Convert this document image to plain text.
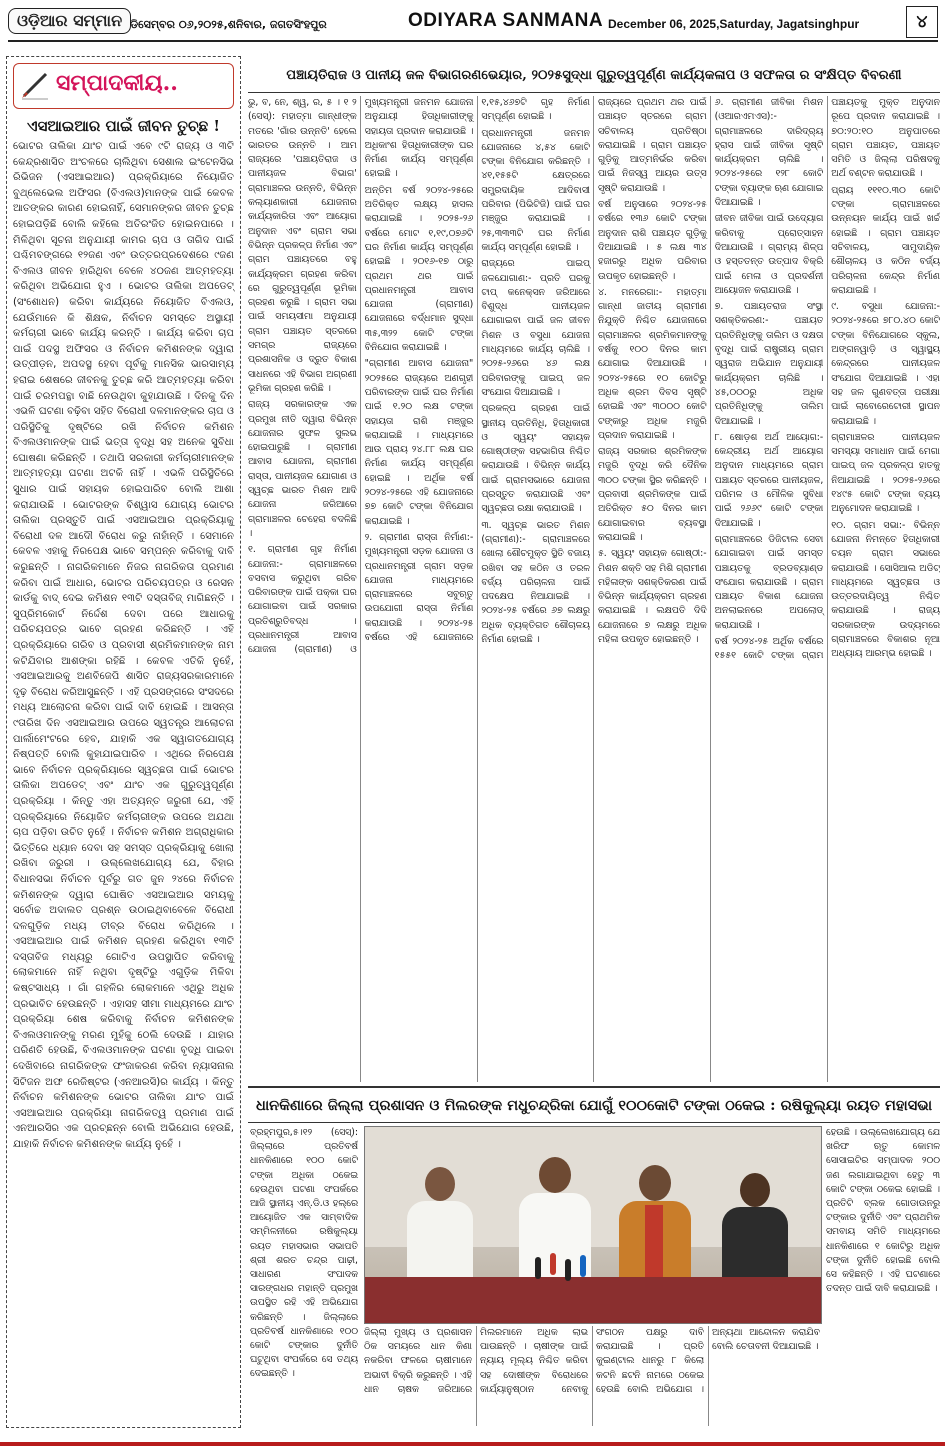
ଓଡ଼ିଆର ସମ୍ମାନ ଡିସେମ୍ବର ୦୬,୨୦୨୫,ଶନିବାର, ଜଗତସିଂହପୁର	ODIYARA SANMANA December 06, 2025,Saturday, Jagatsinghpur	୪
ସମ୍ପାଦକୀୟ..
ଏସଆଇଆର ପାଇଁ ଜୀବନ ତୁଚ୍ଛ !
ଭୋଟର ତାଲିକା ଯାଂଚ ପାଇଁ ଏବେ ୯ଟି ରାଜ୍ୟ ଓ ୩ଟି କେନ୍ଦ୍ରଶାସିତ ଅଂଚଳରେ ଚାଲିଥିବା ସେଶାଲ ଇଂଟେନସିଭ ରିଭିଜନ (ଏସଆଇଆର) ପ୍ରକ୍ରିୟାରେ ନିୟୋଜିତ ବୁଥ୍‌ଲେଭେଲ ଅଫିସର (ବିଏଲଓ)ମାନଙ୍କ ପାଇଁ କେବଳ ଆତଙ୍କର କାରଣ ହୋଇନାହିଁ, ସେମାନଙ୍କର ଜୀବନ ତୁଚ୍ଛ ହୋଇପଡ଼ିଛି ବୋଲି କହିଲେ ଅତିରଂଜିତ ହୋଇନପାରେ । ମିଳିଥିବା ସୂଚନା ଅନୁଯାୟୀ କାମର ଚାପ ଓ ତାଗିଦ ପାଇଁ ପଶ୍ଚିମବଙ୍ଗରେ ୧୨ଜଣ ଏବଂ ଉତ୍ତରପ୍ରଦେଶରେ ୯ଜଣ ବିଏଲଓ ଜୀବନ ହାରିଥିବା ବେଳେ ୪୦ଜଣ ଆତ୍ମହତ୍ୟା କରିଥିବା ଅଭିଯୋଗ ହୁଏ । ଭୋଟର ତାଲିକା ଅପଡେଟ୍ (ସଂଶୋଧନ) କରିବା କାର୍ଯ୍ୟରେ ନିୟୋଜିତ ବିଏଲଓ, ଯେଉଁମାନେ କି ଶିକ୍ଷକ, ନିର୍ବାଚନ ସମସ୍ତେ ଅସ୍ଥାୟୀ କର୍ମଚାରୀ ଭାବେ କାର୍ଯ୍ୟ କରନ୍ତି । କାର୍ଯ୍ୟ କରିବା ଚାପ ପାଇଁ ପଦସ୍ଥ ଅଫିସର ଓ ନିର୍ବାଚନ କମିଶନଙ୍କ ଦ୍ୱାରା ଉତ୍ପୀଡ଼ନ, ଅପଦସ୍ଥ ହେବା ପୂର୍ବକୁ ମାନସିକ ଭାରସାମ୍ୟ ହରାଇ ଶେଷରେ ଜୀବନକୁ ତୁଚ୍ଛ କରି ଆତ୍ମହତ୍ୟା କରିବା ପାଇଁ ଚରମପନ୍ଥା ବାଛି ନେଉଥିବା କୁହାଯାଉଛି । ଦିନକୁ ଦିନ ଏଭଳି ଘଟଣା ବଢ଼ିବା ସହିତ ବିରୋଧୀ ଦଳମାନଙ୍କର ଚାପ ଓ ପରିସ୍ଥିତିକୁ ଦୃଷ୍ଟିରେ ରଖି ନିର୍ବାଚନ କମିଶନ ବିଏଲଓମାନଙ୍କ ପାଇଁ ଭତ୍ତା ବୃଦ୍ଧି ସହ ଅନେକ ସୁବିଧା ଘୋଷଣା କରିଛନ୍ତି । ତଥାପି ସରକାରୀ କର୍ମଚାରୀମାନଙ୍କ ଆତ୍ମହତ୍ୟା ଘଟଣା ଅଟକି ନାହିଁ । ଏଭଳି ପରିସ୍ଥିତିରେ ସୁଧାର ପାଇଁ ସହାୟକ ହୋଇପାରିବ ବୋଲି ଆଶା କରାଯାଉଛି । ଭୋଟରଙ୍କ ବିଶ୍ୱାସ ଯୋଗ୍ୟ ଭୋଟର ତାଲିକା ପ୍ରସ୍ତୁତି ପାଇଁ ଏସଆଇଆର ପ୍ରକ୍ରିୟାକୁ ବିରୋଧୀ ଦଳ ଆଦୌ ବିରୋଧ କରୁ ନାହାଁନ୍ତି । ସେମାନେ କେବଳ ଏହାକୁ ନିରପେକ୍ଷ ଭାବେ ସମ୍ପନ୍ନ କରିବାକୁ ଦାବି କରୁଛନ୍ତି । ନାଗରିକମାନେ ନିଜର ନାଗରିକତା ପ୍ରମାଣ କରିବା ପାଇଁ ଆଧାର, ଭୋଟର ପରିଚୟପତ୍ର ଓ ରେସନ କାର୍ଡକୁ ବାଦ୍ ଦେଇ କମିଶନ ୧୩ଟି ଦସ୍ତାବିଜ୍ ମାଗିଛନ୍ତି । ସୁପ୍ରିମକୋର୍ଟ ନିର୍ଦ୍ଦେଶ ଦେବା ପରେ ଆଧାରକୁ ପରିଚୟପତ୍ର ଭାବେ ଗ୍ରହଣ କରିଛନ୍ତି । ଏହି ପ୍ରକ୍ରିୟାରେ ଗରିବ ଓ ପ୍ରବାସୀ ଶ୍ରମିକମାନଙ୍କ ନାମ କଟିଯିବାର ଆଶଙ୍କା ରହିଛି । କେବଳ ଏତିକି ନୁହେଁ, ଏସଆଇଆରକୁ ଅଣବିଜେପି ଶାସିତ ରାଜ୍ୟସରକାରମାନେ ଦୃଢ଼ ବିରୋଧ କରିଆସୁଛନ୍ତି । ଏହି ପ୍ରସଙ୍ଗରେ ସଂସଦରେ ମଧ୍ୟ ଆଲୋଚନା କରିବା ପାଇଁ ଦାବି ହୋଇଛି । ଆସନ୍ତା ୯ତାରିଖ ଦିନ ଏସଆଇଆର ଉପରେ ସ୍ୱତନ୍ତ୍ର ଆଲୋଚନା ପାର୍ଲାମେଂଟରେ ହେବ, ଯାହାକି ଏକ ସ୍ୱାଗତଯୋଗ୍ୟ ନିଷ୍ପତ୍ତି ବୋଲି କୁହାଯାଇପାରିବ । ଏଥିରେ ନିରପେକ୍ଷ ଭାବେ ନିର୍ବାଚନ ପ୍ରକ୍ରିୟାରେ ସ୍ୱଚ୍ଛତା ପାଇଁ ଭୋଟର ତାଲିକା ଅପଡେଟ୍ ଏବଂ ଯାଂଚ ଏକ ଗୁରୁତ୍ୱପୂର୍ଣ୍ଣ ପ୍ରକ୍ରିୟା । କିନ୍ତୁ ଏହା ଅତ୍ୟନ୍ତ ଜରୁରୀ ଯେ, ଏହି ପ୍ରକ୍ରିୟାରେ ନିୟୋଜିତ କର୍ମଚାରୀଙ୍କ ଉପରେ ଅଯଥା ଚାପ ପଡ଼ିବା ଉଚିତ ନୁହେଁ । ନିର୍ବାଚନ କମିଶନ ଅଗ୍ରାଧିକାର ଭିତ୍ତିରେ ଧ୍ୟାନ ଦେବା ସହ ସମସ୍ତ ପ୍ରକ୍ରିୟାକୁ ଖୋଲା ରଖିବା ଜରୁରୀ । ଉଲ୍ଲେଖଯୋଗ୍ୟ ଯେ, ବିହାର ବିଧାନସଭା ନିର୍ବାଚନ ପୂର୍ବରୁ ଗତ ଜୁନ ୨୪ରେ ନିର୍ବାଚନ କମିଶନଙ୍କ ଦ୍ୱାରା ଘୋଷିତ ଏସଆଇଆର ସମୟକୁ ସର୍ବୋଚ୍ଚ ଅଦାଲତ ପ୍ରଶ୍ନ ଉଠାଇଥିବାବେଳେ ବିରୋଧୀ ଦଳଗୁଡ଼ିକ ମଧ୍ୟ ତୀବ୍ର ବିରୋଧ କରିଥିଲେ । ଏସଆଇଆର ପାଇଁ କମିଶନ ଗ୍ରହଣ କରିଥିବା ୧୩ଟି ଦସ୍ତାବିଜ ମଧ୍ୟରୁ ଗୋଟିଏ ଉପସ୍ଥାପିତ କରିବାକୁ ଲୋକମାନେ ନାହିଁ ନଥିବା ଦୃଷ୍ଟିରୁ ଏଗୁଡ଼ିକ ମିଳିବା କଷ୍ଟସାଧ୍ୟ । ଗାଁ ଗହଳିର ଲୋକମାନେ ଏଥିରୁ ଅଧିକ ପ୍ରଭାବିତ ହେଉଛନ୍ତି । ଏହାସହ ସୀମା ମାଧ୍ୟମରେ ଯାଂଚ ପ୍ରକ୍ରିୟା ଶେଷ କରିବାକୁ ନିର୍ବାଚନ କମିଶନଙ୍କ ବିଏଲଓମାନଙ୍କୁ ମରଣ ମୁହଁକୁ ଠେଲି ଦେଉଛି । ଯାହାର ପରିଣତି ହେଉଛି, ବିଏଲଓମାନଙ୍କ ଘଟଣା ବୃଦ୍ଧି ପାଇବା ଦେଖିବାରେ ନାଗରିକଙ୍କ ଫଂଜାକରଣ କରିବା ନ୍ୟାସନାଲ ସିଟିଜନ ଅଫ ରେଜିଷ୍ଟର (ଏନଆରସି)ର କାର୍ଯ୍ୟ । କିନ୍ତୁ ନିର୍ବାଚନ କମିଶନଙ୍କ ଭୋଟର ତାଲିକା ଯାଂଚ ପାଇଁ ଏସଆଇଆର ପ୍ରକ୍ରିୟା ନାଗରିକତ୍ୱ ପ୍ରମାଣ ପାଇଁ ଏନଆରସିର ଏକ ପ୍ରଚ୍ଛନ୍ନ ବୋଲି ଅଭିଯୋଗ ହେଉଛି, ଯାହାକି ନିର୍ବାଚନ କମିଶନଙ୍କ କାର୍ଯ୍ୟ ନୁହେଁ ।
ପଞ୍ଚାୟତିରାଜ ଓ ପାନୀୟ ଜଳ ବିଭାଗରଣଭେୟାର, ୨୦୨୫ସୁଦ୍ଧା ଗୁରୁତ୍ୱପୂର୍ଣ୍ଣ କାର୍ଯ୍ୟକଳାପ ଓ ସଫଳତା ର ସଂକ୍ଷିପ୍ତ ବିବରଣୀ

ଭୁ, ବ, ନେ, ଶ୍ୱ, ର, ୫ । ୧ ୨ (ସେସ୍): ମହାତ୍ମା ଗାନ୍ଧୀଙ୍କ ମତରେ 'ଗାଁର ଉନ୍ନତି' ହେଲେ ଭାରତର ଉନ୍ନତି । ଆମ ରାଜ୍ୟରେ 'ପଞ୍ଚାୟତିରାଜ ଓ ପାନୀୟଜଳ ବିଭାଗ' ଗ୍ରାମାଞ୍ଚଳର ଉନ୍ନତି, ବିଭିନ୍ନ କଲ୍ୟାଣକାରୀ ଯୋଜନାର କାର୍ଯ୍ୟକାରିତା ଏବଂ ଆୟୋଗ ଅନୁଦାନ ଏବଂ ଗ୍ରାମ ସଭା ବିଭିନ୍ନ ପ୍ରକଳ୍ପ ନିର୍ମାଣ ଏବଂ ଗ୍ରାମ ପଞ୍ଚାୟତରେ ବହୁ କାର୍ଯ୍ୟକ୍ରମ ଗ୍ରହଣ କରିବା ରେ ଗୁରୁତ୍ୱପୂର୍ଣ୍ଣ ଭୂମିକା ଗ୍ରହଣ କରୁଛି । ଗ୍ରାମ ସଭା ପାଇଁ ସମୟସୀମା ଅନୁଯାୟୀ ଗ୍ରାମ ପଞ୍ଚାୟତ ସ୍ତରରେ ସମଗ୍ର ରାଜ୍ୟରେ ପ୍ରଶାସନିକ ଓ ଦ୍ରୁତ ବିକାଶ ସାଧନରେ ଏହି ବିଭାଗ ଅଗ୍ରଣୀ ଭୂମିକା ଗ୍ରହଣ କରିଛି ।

ରାଜ୍ୟ ସରକାରଙ୍କ ଏକ ପ୍ରମୁଖ ନୀତି ଦ୍ୱାରା ବିଭିନ୍ନ ଯୋଜନାର ସୁଫଳ ସୁଲଭ ହୋଇପାରୁଛି । ଗ୍ରାମୀଣ ଆବାସ ଯୋଜନା, ଗ୍ରାମୀଣ ରାସ୍ତା, ପାନୀୟଜଳ ଯୋଗାଣ ଓ ସ୍ୱଚ୍ଛ ଭାରତ ମିଶନ ଆଦି ଯୋଜନା ଜରିଆରେ ଗ୍ରାମାଞ୍ଚଳର ଚେହେରା ବଦଳିଛି ।

୧. ଗ୍ରାମୀଣ ଗୃହ ନିର୍ମାଣ ଯୋଜନା:- ଗ୍ରାମାଞ୍ଚଳରେ ବସବାସ କରୁଥିବା ଗରିବ ପରିବାରଙ୍କ ପାଇଁ ପକ୍କା ଘର ଯୋଗାଇବା ପାଇଁ ସରକାର ପ୍ରତିଶ୍ରୁତିବଦ୍ଧ । ପ୍ରଧାନମନ୍ତ୍ରୀ ଆବାସ ଯୋଜନା (ଗ୍ରାମୀଣ) ଓ ମୁଖ୍ୟମନ୍ତ୍ରୀ ଜନମନ ଯୋଜନା ଅନୁଯାୟୀ ହିତାଧିକାରୀଙ୍କୁ ସହାୟତା ପ୍ରଦାନ କରାଯାଉଛି । ଅଧିକାଂଶ ହିତାଧିକାରୀଙ୍କ ଘର ନିର୍ମାଣ କାର୍ଯ୍ୟ ସମ୍ପୂର୍ଣ୍ଣ ହୋଇଛି ।

ଅନ୍ତିମ ବର୍ଷ ୨୦୨୪-୨୫ରେ ଅତିରିକ୍ତ ଲକ୍ଷ୍ୟ ହାସଲ କରାଯାଇଛି । ୨୦୨୫-୨୬ ବର୍ଷରେ ମୋଟ ୧,୧୯,୦୭୬ଟି ଘର ନିର୍ମାଣ କାର୍ଯ୍ୟ ସମ୍ପୂର୍ଣ୍ଣ ହୋଇଛି । ୨୦୧୬-୧୭ ଠାରୁ ପ୍ରଥମ ଥର ପାଇଁ ପ୍ରଧାନମନ୍ତ୍ରୀ ଆବାସ ଯୋଜନା (ଗ୍ରାମୀଣ) ଯୋଜନାରେ ବର୍ଦ୍ଧମାନ ସୁଦ୍ଧା ୩୫,୩୨୨ କୋଟି ଟଙ୍କା ବିନିଯୋଗ କରାଯାଇଛି ।

"ଗ୍ରାମୀଣ ଆବାସ ଯୋଜନା" ୨୦୨୫ରେ ରାଜ୍ୟରେ ଅଣଗୃହୀ ପରିବାରଙ୍କ ପାଇଁ ଘର ନିର୍ମାଣ ପାଇଁ ୧.୨୦ ଲକ୍ଷ ଟଙ୍କା ସହାୟତା ରାଶି ମଞ୍ଜୁର କରାଯାଇଛି । ମାଧ୍ୟମରେ ଆଉ ପ୍ରାୟ ୨୪.୮୮ ଲକ୍ଷ ଘର ନିର୍ମାଣ କାର୍ଯ୍ୟ ସମ୍ପୂର୍ଣ୍ଣ ହୋଇଛି । ଅର୍ଥିକ ବର୍ଷ ୨୦୨୪-୨୫ରେ ଏହି ଯୋଜନାରେ ୭୭ କୋଟି ଟଙ୍କା ବିନିଯୋଗ କରାଯାଇଛି ।

୨. ଗ୍ରାମୀଣ ରାସ୍ତା ନିର୍ମାଣ:- ମୁଖ୍ୟମନ୍ତ୍ରୀ ସଡ଼କ ଯୋଜନା ଓ ପ୍ରଧାନମନ୍ତ୍ରୀ ଗ୍ରାମ ସଡ଼କ ଯୋଜନା ମାଧ୍ୟମରେ ଗ୍ରାମାଞ୍ଚଳରେ ସବୁଋତୁ ଉପଯୋଗୀ ରାସ୍ତା ନିର୍ମାଣ କରାଯାଉଛି । ୨୦୨୪-୨୫ ବର୍ଷରେ ଏହି ଯୋଜନାରେ ୧,୧୫,୪୬୭ଟି ଗୃହ ନିର୍ମାଣ ସମ୍ପୂର୍ଣ୍ଣ ହୋଇଛି ।

ପ୍ରଧାନମନ୍ତ୍ରୀ ଜନମନ ଯୋଜନାରେ ୪,୫୪ କୋଟି ଟଙ୍କା ବିନିଯୋଗ କରିଛନ୍ତି । ୪୧,୧୫୫ଟି କ୍ଷେତ୍ରରେ ସମ୍ପ୍ରଦାୟିକ ଆଦିବାସୀ ପରିବାର (ପିଭିଟିଜି) ପାଇଁ ଘର ମଞ୍ଜୁର କରାଯାଇଛି । ୨୫,୩୩୩ଟି ଘର ନିର୍ମାଣ କାର୍ଯ୍ୟ ସମ୍ପୂର୍ଣ୍ଣ ହୋଇଛି ।

ରାଜ୍ୟରେ ପାଇପ୍ ଜଳଯୋଗାଣ:- ପ୍ରତି ଘରକୁ ଟାପ୍ କନେକ୍ସନ ଜରିଆରେ ବିଶୁଦ୍ଧ ପାନୀୟଜଳ ଯୋଗାଇବା ପାଇଁ ଜଳ ଜୀବନ ମିଶନ ଓ ବସୁଧା ଯୋଜନା ମାଧ୍ୟମରେ କାର୍ଯ୍ୟ ଚାଲିଛି । ୨୦୨୫-୨୬ରେ ୪୬ ଲକ୍ଷ ପରିବାରଙ୍କୁ ପାଇପ୍ ଜଳ ସଂଯୋଗ ଦିଆଯାଇଛି ।

ପ୍ରକଳ୍ପ ଗ୍ରହଣ ପାଇଁ ସ୍ଥାନୀୟ ପ୍ରତିନିଧି, ହିତାଧିକାରୀ ଓ ସ୍ୱୟଂ ସହାୟକ ଗୋଷ୍ଠୀଙ୍କ ସହଭାଗିତା ନିଶ୍ଚିତ କରାଯାଉଛି । ବିଭିନ୍ନ କାର୍ଯ୍ୟ ପାଇଁ ଗ୍ରାମସଭାରେ ଯୋଜନା ପ୍ରସ୍ତୁତ କରାଯାଉଛି ଏବଂ ସ୍ୱଚ୍ଛତା ରକ୍ଷା କରାଯାଉଛି ।

୩. ସ୍ୱଚ୍ଛ ଭାରତ ମିଶନ (ଗ୍ରାମୀଣ):- ଗ୍ରାମାଞ୍ଚଳରେ ଖୋଲା ଶୌଚମୁକ୍ତ ସ୍ଥିତି ବଜାୟ ରଖିବା ସହ କଠିନ ଓ ତରଳ ବର୍ଜ୍ୟ ପରିଚାଳନା ପାଇଁ ପଦକ୍ଷେପ ନିଆଯାଇଛି । ୨୦୨୪-୨୫ ବର୍ଷରେ ୬୭ ଲକ୍ଷରୁ ଅଧିକ ବ୍ୟକ୍ତିଗତ ଶୌଚାଳୟ ନିର୍ମାଣ ହୋଇଛି ।

ରାଜ୍ୟରେ ପ୍ରଥମ ଥର ପାଇଁ ପଞ୍ଚାୟତ ସ୍ତରରେ ଗ୍ରାମ ସଚିବାଳୟ ପ୍ରତିଷ୍ଠା କରାଯାଇଛି । ଗ୍ରାମ ପଞ୍ଚାୟତ ଗୁଡ଼ିକୁ ଆତ୍ମନିର୍ଭର କରିବା ପାଇଁ ନିଜସ୍ୱ ଆୟର ଉତ୍ସ ସୃଷ୍ଟି କରାଯାଉଛି ।

ବର୍ଷ ଅନୁସାରେ ୨୦୨୪-୨୫ ବର୍ଷରେ ୧୩୬ କୋଟି ଟଙ୍କା ଅନୁଦାନ ରାଶି ପଞ୍ଚାୟତ ଗୁଡ଼ିକୁ ଦିଆଯାଇଛି । ୫ ଲକ୍ଷ ୩୪ ହଜାରରୁ ଅଧିକ ପରିବାର ଉପକୃତ ହୋଇଛନ୍ତି ।

୪. ମନରେଗା:- ମହାତ୍ମା ଗାନ୍ଧୀ ଜାତୀୟ ଗ୍ରାମୀଣ ନିଯୁକ୍ତି ନିଶ୍ଚିତ ଯୋଜନାରେ ଗ୍ରାମାଞ୍ଚଳର ଶ୍ରମିକମାନଙ୍କୁ ବର୍ଷକୁ ୧୦୦ ଦିନର କାମ ଯୋଗାଇ ଦିଆଯାଉଛି । ୨୦୨୪-୨୫ରେ ୧୦ କୋଟିରୁ ଅଧିକ ଶ୍ରମ ଦିବସ ସୃଷ୍ଟି ହୋଇଛି ଏବଂ ୩୦୦୦ କୋଟି ଟଙ୍କାରୁ ଅଧିକ ମଜୁରି ପ୍ରଦାନ କରାଯାଇଛି ।

ରାଜ୍ୟ ସରକାର ଶ୍ରମିକଙ୍କ ମଜୁରି ବୃଦ୍ଧି କରି ଦୈନିକ ୩୦୦ ଟଙ୍କା ସ୍ଥିର କରିଛନ୍ତି । ପ୍ରବାସୀ ଶ୍ରମିକଙ୍କ ପାଇଁ ଅତିରିକ୍ତ ୫୦ ଦିନର କାମ ଯୋଗାଇବାର ବ୍ୟବସ୍ଥା କରାଯାଇଛି ।

୫. ସ୍ୱୟଂ ସହାୟକ ଗୋଷ୍ଠୀ:- ମିଶନ ଶକ୍ତି ସହ ମିଶି ଗ୍ରାମୀଣ ମହିଳାଙ୍କ ସଶକ୍ତିକରଣ ପାଇଁ ବିଭିନ୍ନ କାର୍ଯ୍ୟକ୍ରମ ଗ୍ରହଣ କରାଯାଇଛି । ଲକ୍ଷପତି ଦିଦି ଯୋଜନାରେ ୭ ଲକ୍ଷରୁ ଅଧିକ ମହିଳା ଉପକୃତ ହୋଇଛନ୍ତି ।

୬. ଗ୍ରାମୀଣ ଜୀବିକା ମିଶନ (ଓଆରଏମଏସ):- ଗ୍ରାମାଞ୍ଚଳରେ ଦାରିଦ୍ର୍ୟ ହ୍ରାସ ପାଇଁ ଜୀବିକା ସୃଷ୍ଟି କାର୍ଯ୍ୟକ୍ରମ ଚାଲିଛି । ୨୦୨୪-୨୫ରେ ୧୨୮ କୋଟି ଟଙ୍କା ବ୍ୟାଙ୍କ ଋଣ ଯୋଗାଇ ଦିଆଯାଇଛି ।

ଜୀବନ ଜୀବିକା ପାଇଁ ଉଦ୍ୟୋଗ କରିବାକୁ ପ୍ରୋତ୍ସାହନ ଦିଆଯାଉଛି । ଗ୍ରାମ୍ୟ ଶିଳ୍ପ ଓ ହସ୍ତତନ୍ତ ଉତ୍ପାଦ ବିକ୍ରି ପାଇଁ ମେଳା ଓ ପ୍ରଦର୍ଶନୀ ଆୟୋଜନ କରାଯାଉଛି ।

୭. ପଞ୍ଚାୟତରାଜ ସଂସ୍ଥା ସଶକ୍ତିକରଣ:- ପଞ୍ଚାୟତ ପ୍ରତିନିଧିଙ୍କୁ ତାଲିମ ଓ ଦକ୍ଷତା ବୃଦ୍ଧି ପାଇଁ ରାଷ୍ଟ୍ରୀୟ ଗ୍ରାମ ସ୍ୱରାଜ ଅଭିଯାନ ଅନୁଯାୟୀ କାର୍ଯ୍ୟକ୍ରମ ଚାଲିଛି । ୪୫,୦୦୦ରୁ ଅଧିକ ପ୍ରତିନିଧିଙ୍କୁ ତାଲିମ ଦିଆଯାଇଛି ।

୮. ଷୋଡ଼ଶ ଅର୍ଥ ଆୟୋଗ:- କେନ୍ଦ୍ରୀୟ ଅର୍ଥ ଆୟୋଗ ଅନୁଦାନ ମାଧ୍ୟମରେ ଗ୍ରାମ ପଞ୍ଚାୟତ ସ୍ତରରେ ପାନୀୟଜଳ, ପରିମଳ ଓ ମୌଳିକ ସୁବିଧା ପାଇଁ ୨୬୬୯ କୋଟି ଟଙ୍କା ଦିଆଯାଇଛି ।

ଗ୍ରାମାଞ୍ଚଳରେ ଡିଜିଟାଲ ସେବା ଯୋଗାଇବା ପାଇଁ ସମସ୍ତ ପଞ୍ଚାୟତକୁ ବ୍ରଡବ୍ୟାଣ୍ଡ ସଂଯୋଗ କରାଯାଉଛି । ଗ୍ରାମ ପଞ୍ଚାୟତ ବିକାଶ ଯୋଜନା ଅନଲାଇନରେ ଅପଲୋଡ୍ କରାଯାଉଛି ।

ବର୍ଷ ୨୦୨୪-୨୫ ଅର୍ଥିକ ବର୍ଷରେ ୧୫୫୧ କୋଟି ଟଙ୍କା ଗ୍ରାମ ପଞ୍ଚାୟତକୁ ମୁକ୍ତ ଅନୁଦାନ ରୂପେ ପ୍ରଦାନ କରାଯାଇଛି । ୭୦:୨୦:୧୦ ଅନୁପାତରେ ଗ୍ରାମ ପଞ୍ଚାୟତ, ପଞ୍ଚାୟତ ସମିତି ଓ ଜିଲ୍ଲା ପରିଷଦକୁ ଅର୍ଥ ବଣ୍ଟନ କରାଯାଉଛି ।

ପ୍ରାୟ ୧୧୧୦.୩୦ କୋଟି ଟଙ୍କା ଗ୍ରାମାଞ୍ଚଳରେ ଉନ୍ନୟନ କାର୍ଯ୍ୟ ପାଇଁ ଖର୍ଚ୍ଚ ହୋଇଛି । ଗ୍ରାମ ପଞ୍ଚାୟତ ସଚିବାଳୟ, ସାମୁଦାୟିକ ଶୌଚାଳୟ ଓ କଠିନ ବର୍ଜ୍ୟ ପରିଚାଳନା କେନ୍ଦ୍ର ନିର୍ମାଣ କରାଯାଇଛି ।

୯. ବସୁଧା ଯୋଜନା:- ୨୦୨୪-୨୫ରେ ୭୮୦.୪୦ କୋଟି ଟଙ୍କା ବିନିଯୋଗରେ ସ୍କୁଲ, ଅଙ୍ଗନୱାଡ଼ି ଓ ସ୍ୱାସ୍ଥ୍ୟ କେନ୍ଦ୍ରରେ ପାନୀୟଜଳ ସଂଯୋଗ ଦିଆଯାଇଛି । ଏହା ସହ ଜଳ ଗୁଣବତ୍ତା ପରୀକ୍ଷା ପାଇଁ ଲାବୋରେଟୋରୀ ସ୍ଥାପନ କରାଯାଇଛି ।

ଗ୍ରାମାଞ୍ଚଳର ପାନୀୟଜଳ ସମସ୍ୟା ସମାଧାନ ପାଇଁ ମେଗା ପାଇପ୍ ଜଳ ପ୍ରକଳ୍ପ ହାତକୁ ନିଆଯାଇଛି । ୨୦୨୫-୨୬ରେ ୧୪୯୫ କୋଟି ଟଙ୍କା ବ୍ୟୟ ଅନୁମୋଦନ କରାଯାଇଛି ।

୧୦. ଗ୍ରାମ ସଭା:- ବିଭିନ୍ନ ଯୋଜନା ନିମନ୍ତେ ହିତାଧିକାରୀ ଚୟନ ଗ୍ରାମ ସଭାରେ କରାଯାଉଛି । ସୋସିଆଲ ଅଡିଟ୍ ମାଧ୍ୟମରେ ସ୍ୱଚ୍ଛତା ଓ ଉତ୍ତରଦାୟିତ୍ୱ ନିଶ୍ଚିତ କରାଯାଉଛି । ରାଜ୍ୟ ସରକାରଙ୍କ ଉଦ୍ୟମରେ ଗ୍ରାମାଞ୍ଚଳରେ ବିକାଶର ନୂଆ ଅଧ୍ୟାୟ ଆରମ୍ଭ ହୋଇଛି ।

ଧାନକିଣାରେ ଜିଲ୍ଲା ପ୍ରଶାସନ ଓ ମିଲରଙ୍କ ମଧୁଚନ୍ଦ୍ରିକା ଯୋଗୁଁ ୧୦୦କୋଟି ଟଙ୍କା ଠକେଇ : ରଷିକୁଲ୍ୟା ରୟତ ମହାସଭା
ବ୍ରହ୍ମପୁର,୫।୧୨ (ସେସ୍): ଜିଲ୍ଲାରେ ପ୍ରତିବର୍ଷ ଧାନକିଣାରେ ୧୦୦ କୋଟି ଟଙ୍କା ଅଧିକା ଠକେଇ ହେଉଥିବା ଘଟଣା ସଂପର୍କରେ ଆଜି ସ୍ଥାନୀୟ ଏନ୍.ଡି.ଓ ହଲ୍‌ରେ ଆୟୋଜିତ ଏକ ସାମ୍ବାଦିକ ସମ୍ମିଳନୀରେ ରଷିକୁଲ୍ୟା ରୟତ ମହାସଭାର ସଭାପତି ଶ୍ରୀ ଶରତ ଚନ୍ଦ୍ର ପାଢ଼ୀ, ସାଧାରଣ ସଂପାଦକ ସାରଙ୍ଗଧର ମହାନ୍ତି ପ୍ରମୁଖ ଉପସ୍ଥିତ ରହି ଏହି ଅଭିଯୋଗ କରିଛନ୍ତି । ଜିଲ୍ଲାରେ ପ୍ରତିବର୍ଷ ଧାନକିଣାରେ ୧୦୦ କୋଟି ଟଙ୍କାର ଦୁର୍ନୀତି ଘଟୁଥିବା ସଂପର୍କରେ ସେ ତଥ୍ୟ ଦେଇଛନ୍ତି ।
ଜିଲ୍ଲା ମୁଖ୍ୟ ଓ ପ୍ରଶାସନ ଠିକ ସମୟରେ ଧାନ କିଣା ନକରିବା ଫଳରେ ଚାଷୀମାନେ ଅଭାବୀ ବିକ୍ରି କରୁଛନ୍ତି । ଏହି ଧାନ ଚାଷକ ଜରିଆରେ ମିଲରମାନେ ଅଧିକ ଲାଭ ପାଉଛନ୍ତି । ଚାଷୀଙ୍କ ପାଇଁ ନ୍ୟାୟ ମୂଲ୍ୟ ନିଶ୍ଚିତ କରିବା ସହ ଦୋଷୀଙ୍କ ବିରୋଧରେ କାର୍ଯ୍ୟାନୁଷ୍ଠାନ ନେବାକୁ ସଂଗଠନ ପକ୍ଷରୁ ଦାବି କରାଯାଇଛି । ପ୍ରତି କୁଇଣ୍ଟାଲ ଧାନରୁ ୮ କିଲୋ କଟନି ଛଟନି ନାମରେ ଠକେଇ ହେଉଛି ବୋଲି ଅଭିଯୋଗ । ଅନ୍ୟଥା ଆନ୍ଦୋଳନ କରାଯିବ ବୋଲି ଚେତାବନୀ ଦିଆଯାଇଛି ।
ହେଉଛି । ଉଲ୍ଲେଖଯୋଗ୍ୟ ଯେ ଖରିଫ ଋତୁ କୋମଳ ସୋସାଇଟିର ସମ୍ପାଦକ ୨୦୦ ଜଣ ଲଗାଯାଇଥିବା ହେତୁ ୩ କୋଟି ଟଙ୍କା ଠକେଇ ହୋଇଛି । ପ୍ରତିଟି ବ୍ଲକ ଗୋଡାଉନରୁ ଟଙ୍କାର ଦୁର୍ନୀତି ଏବଂ ପ୍ରାଥମିକ ସମବାୟ ସମିତି ମାଧ୍ୟମରେ ଧାନକିଣାରେ ୧ କୋଟିରୁ ଅଧିକ ଟଙ୍କା ଦୁର୍ନୀତି ହୋଇଛି ବୋଲି ସେ କହିଛନ୍ତି । ଏହି ଘଟଣାରେ ତଦନ୍ତ ପାଇଁ ଦାବି କରାଯାଇଛି ।
